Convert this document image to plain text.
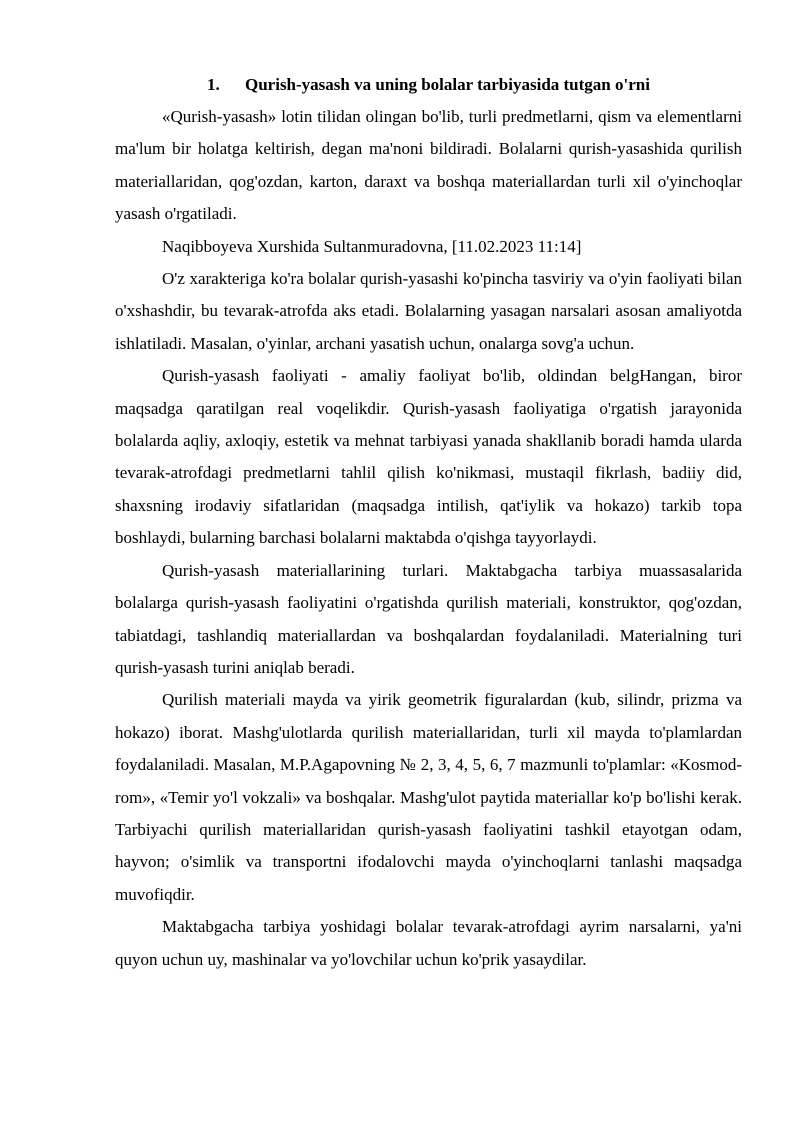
1. Qurish-yasash va uning bolalar tarbiyasida tutgan o'rni

«Qurish-yasash» lotin tilidan olingan bo'lib, turli predmetlarni, qism va elementlarni ma'lum bir holatga keltirish, degan ma'noni bildiradi. Bolalarni qurish-yasashida qurilish materiallaridan, qog'ozdan, karton, daraxt va boshqa materiallardan turli xil o'yinchoqlar yasash o'rgatiladi.

Naqibboyeva Xurshida Sultanmuradovna, [11.02.2023 11:14]

O'z xarakteriga ko'ra bolalar qurish-yasashi ko'pincha tasviriy va o'yin faoliyati bilan o'xshashdir, bu tevarak-atrofda aks etadi. Bolalarning yasagan narsalari asosan amaliyotda ishlatiladi. Masalan, o'yinlar, archani yasatish uchun, onalarga sovg'a uchun.

Qurish-yasash faoliyati - amaliy faoliyat bo'lib, oldindan belgHangan, biror maqsadga qaratilgan real voqelikdir. Qurish-yasash faoliyatiga o'rgatish jarayonida bolalarda aqliy, axloqiy, estetik va mehnat tarbiyasi yanada shakllanib boradi hamda ularda tevarak-atrofdagi predmetlarni tahlil qilish ko'nikmasi, mustaqil fikrlash, badiiy did, shaxsning irodaviy sifatlaridan (maqsadga intilish, qat'iylik va hokazo) tarkib topa boshlaydi, bularning barchasi bolalarni maktabda o'qishga tayyorlaydi.

Qurish-yasash materiallarining turlari. Maktabgacha tarbiya muassasalarida bolalarga qurish-yasash faoliyatini o'rgatishda qurilish materiali, konstruktor, qog'ozdan, tabiatdagi, tashlandiq materiallardan va boshqalardan foydalaniladi. Materialning turi qurish-yasash turini aniqlab beradi.

Qurilish materiali mayda va yirik geometrik figuralardan (kub, silindr, prizma va hokazo) iborat. Mashg'ulotlarda qurilish materiallaridan, turli xil mayda to'plamlardan foydalaniladi. Masalan, M.P.Agapovning № 2, 3, 4, 5, 6, 7 mazmunli to'plamlar: «Kosmod-rom», «Temir yo'l vokzali» va boshqalar. Mashg'ulot paytida materiallar ko'p bo'lishi kerak. Tarbiyachi qurilish materiallaridan qurish-yasash faoliyatini tashkil etayotgan odam, hayvon; o'simlik va transportni ifodalovchi mayda o'yinchoqlarni tanlashi maqsadga muvofiqdir.

Maktabgacha tarbiya yoshidagi bolalar tevarak-atrofdagi ayrim narsalarni, ya'ni quyon uchun uy, mashinalar va yo'lovchilar uchun ko'prik yasaydilar.
